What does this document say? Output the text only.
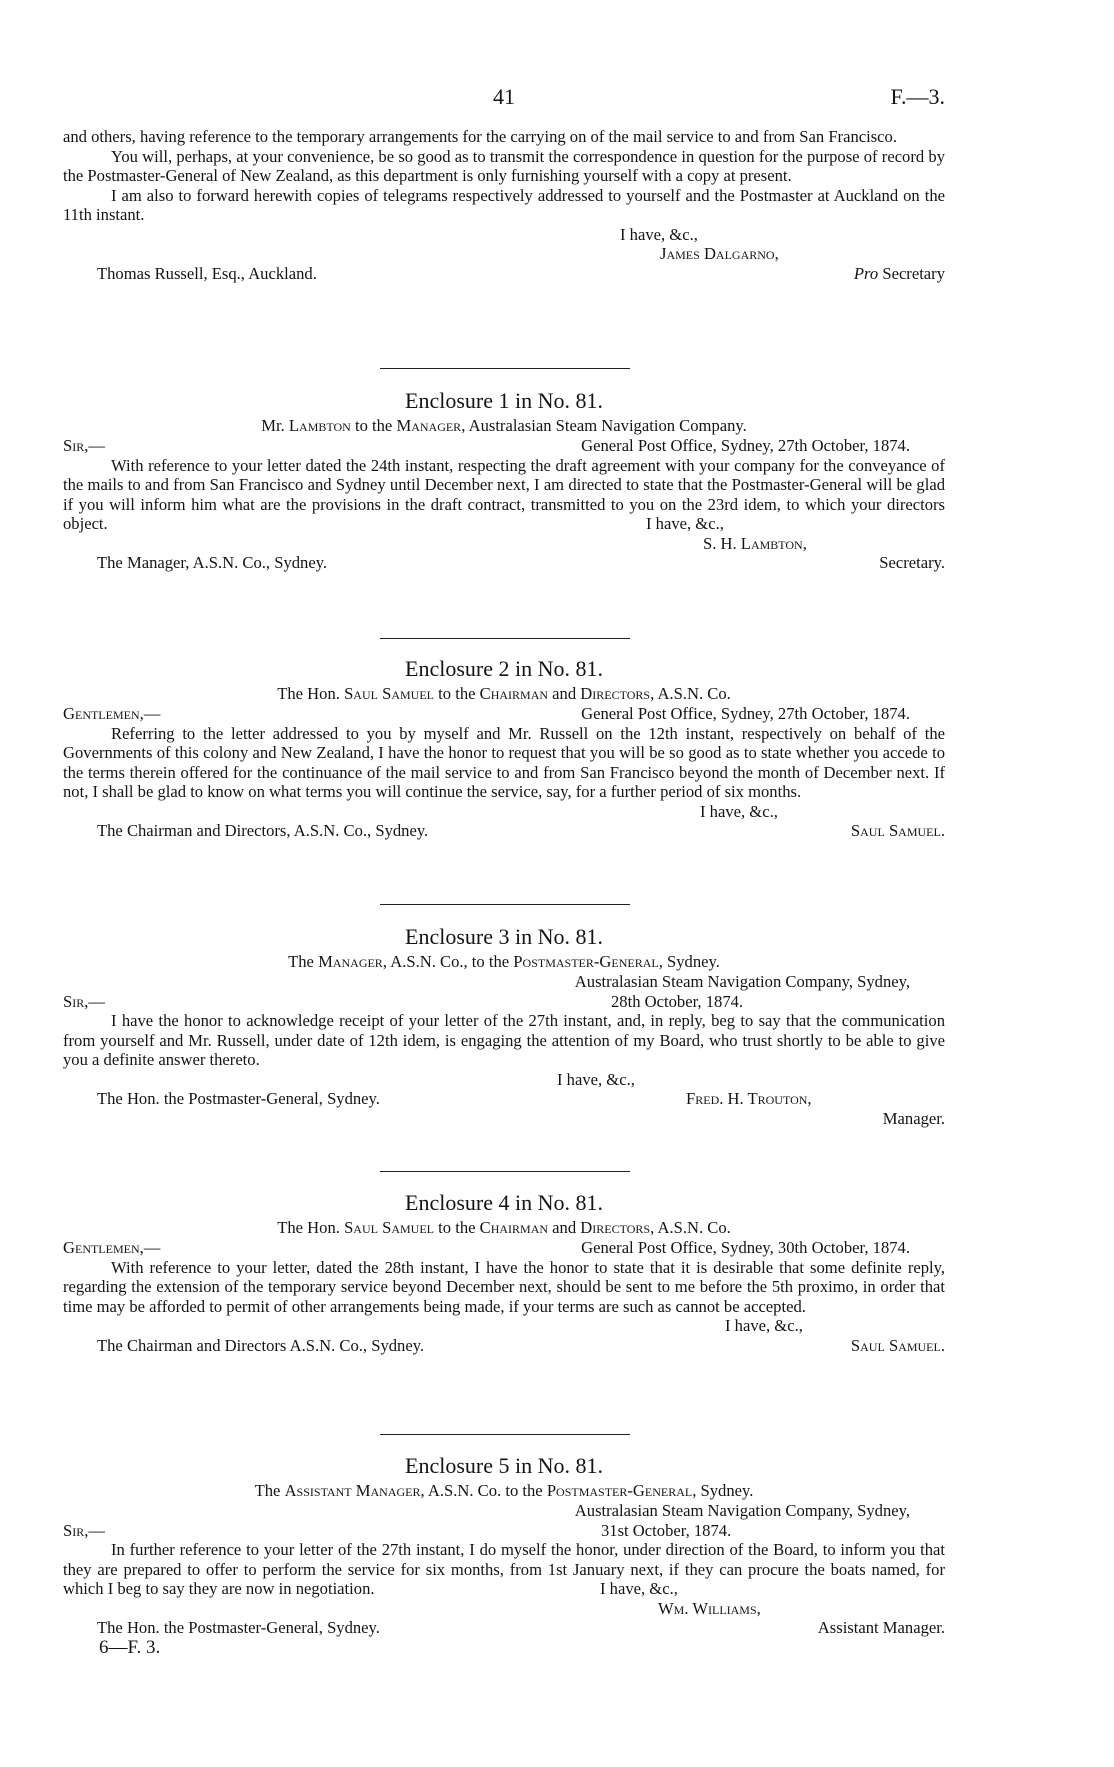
41	F.—3.

and others, having reference to the temporary arrangements for the carrying on of the mail service to and from San Francisco.

You will, perhaps, at your convenience, be so good as to transmit the correspondence in question for the purpose of record by the Postmaster-General of New Zealand, as this department is only furnishing yourself with a copy at present.

I am also to forward herewith copies of telegrams respectively addressed to yourself and the Postmaster at Auckland on the 11th instant.

I have, &c.,
James Dalgarno,
Thomas Russell, Esq., Auckland.	Pro Secretary
Enclosure 1 in No. 81.
Mr. Lambton to the Manager, Australasian Steam Navigation Company.
Sir,—	General Post Office, Sydney, 27th October, 1874.

With reference to your letter dated the 24th instant, respecting the draft agreement with your company for the conveyance of the mails to and from San Francisco and Sydney until December next, I am directed to state that the Postmaster-General will be glad if you will inform him what are the provisions in the draft contract, transmitted to you on the 23rd idem, to which your directors object.	I have, &c.,
S. H. Lambton,
The Manager, A.S.N. Co., Sydney.	Secretary.
Enclosure 2 in No. 81.
The Hon. Saul Samuel to the Chairman and Directors, A.S.N. Co.
Gentlemen,—	General Post Office, Sydney, 27th October, 1874.

Referring to the letter addressed to you by myself and Mr. Russell on the 12th instant, respectively on behalf of the Governments of this colony and New Zealand, I have the honor to request that you will be so good as to state whether you accede to the terms therein offered for the continuance of the mail service to and from San Francisco beyond the month of December next. If not, I shall be glad to know on what terms you will continue the service, say, for a further period of six months.

I have, &c.,
The Chairman and Directors, A.S.N. Co., Sydney.	Saul Samuel.
Enclosure 3 in No. 81.
The Manager, A.S.N. Co., to the Postmaster-General, Sydney.
Australasian Steam Navigation Company, Sydney,
Sir,—	28th October, 1874.

I have the honor to acknowledge receipt of your letter of the 27th instant, and, in reply, beg to say that the communication from yourself and Mr. Russell, under date of 12th idem, is engaging the attention of my Board, who trust shortly to be able to give you a definite answer thereto.

I have, &c.,
The Hon. the Postmaster-General, Sydney.	Fred. H. Trouton,
Manager.
Enclosure 4 in No. 81.
The Hon. Saul Samuel to the Chairman and Directors, A.S.N. Co.
Gentlemen,—	General Post Office, Sydney, 30th October, 1874.

With reference to your letter, dated the 28th instant, I have the honor to state that it is desirable that some definite reply, regarding the extension of the temporary service beyond December next, should be sent to me before the 5th proximo, in order that time may be afforded to permit of other arrangements being made, if your terms are such as cannot be accepted.

I have, &c.,
The Chairman and Directors A.S.N. Co., Sydney.	Saul Samuel.
Enclosure 5 in No. 81.
The Assistant Manager, A.S.N. Co. to the Postmaster-General, Sydney.
Australasian Steam Navigation Company, Sydney,
Sir,—	31st October, 1874.

In further reference to your letter of the 27th instant, I do myself the honor, under direction of the Board, to inform you that they are prepared to offer to perform the service for six months, from 1st January next, if they can procure the boats named, for which I beg to say they are now in negotiation.	I have, &c.,
Wm. Williams,
The Hon. the Postmaster-General, Sydney.	Assistant Manager.
6—F. 3.
